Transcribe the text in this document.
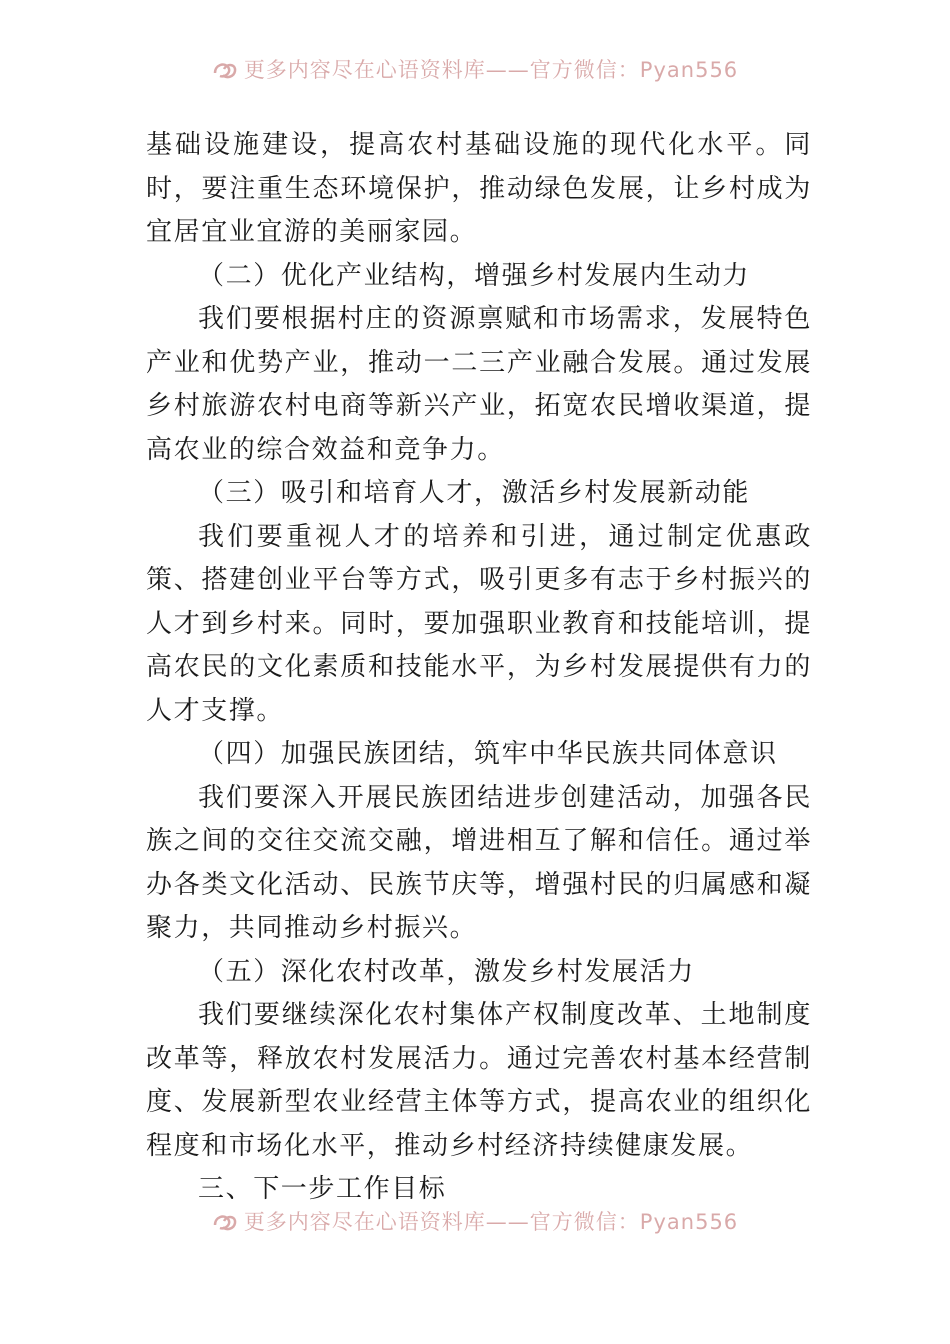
更多内容尽在心语资料库——官方微信：Pyan556

基础设施建设，提高农村基础设施的现代化水平。同时，要注重生态环境保护，推动绿色发展，让乡村成为宜居宜业宜游的美丽家园。

（二）优化产业结构，增强乡村发展内生动力

我们要根据村庄的资源禀赋和市场需求，发展特色产业和优势产业，推动一二三产业融合发展。通过发展乡村旅游农村电商等新兴产业，拓宽农民增收渠道，提高农业的综合效益和竞争力。

（三）吸引和培育人才，激活乡村发展新动能

我们要重视人才的培养和引进，通过制定优惠政策、搭建创业平台等方式，吸引更多有志于乡村振兴的人才到乡村来。同时，要加强职业教育和技能培训，提高农民的文化素质和技能水平，为乡村发展提供有力的人才支撑。

（四）加强民族团结，筑牢中华民族共同体意识

我们要深入开展民族团结进步创建活动，加强各民族之间的交往交流交融，增进相互了解和信任。通过举办各类文化活动、民族节庆等，增强村民的归属感和凝聚力，共同推动乡村振兴。

（五）深化农村改革，激发乡村发展活力

我们要继续深化农村集体产权制度改革、土地制度改革等，释放农村发展活力。通过完善农村基本经营制度、发展新型农业经营主体等方式，提高农业的组织化程度和市场化水平，推动乡村经济持续健康发展。

三、下一步工作目标

更多内容尽在心语资料库——官方微信：Pyan556
